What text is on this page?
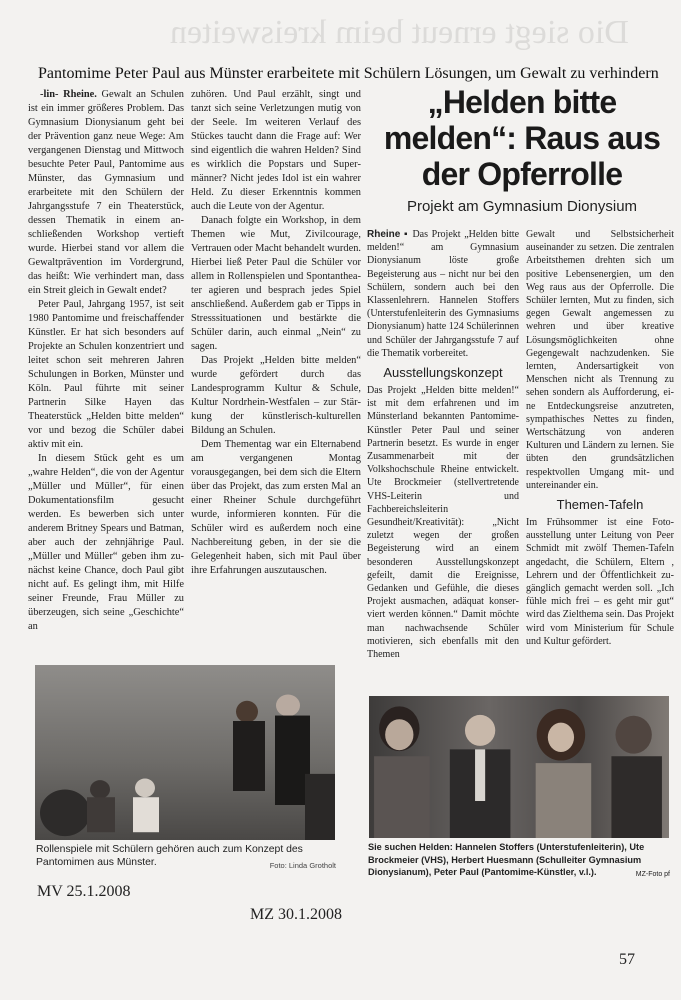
Dio siegt erneut beim kreisweiten
Pantomime Peter Paul aus Münster erarbeitete mit Schülern Lösungen, um Gewalt zu verhindern

-lin- Rheine. Gewalt an Schulen ist ein immer größeres Problem. Das Gymnasium Dionysianum geht bei der Prävention ganz neue Wege: Am vergangenen Dienstag und Mittwoch besuchte Peter Paul, Pantomime aus Münster, das Gymnasium und erarbeitete mit den Schülern der Jahrgangsstufe 7 ein Theaterstück, dessen Thematik in einem anschließenden Workshop vertieft wurde. Hierbei stand vor allem die Gewaltprävention im Vordergrund, das heißt: Wie verhindert man, dass ein Streit gleich in Gewalt endet?

Peter Paul, Jahrgang 1957, ist seit 1980 Pantomime und freischaffender Künstler. Er hat sich besonders auf Projekte an Schulen konzentriert und leitet schon seit mehreren Jahren Schulungen in Borken, Münster und Köln. Paul führte mit seiner Partnerin Silke Hayen das Theaterstück „Helden bitte melden“ vor und bezog die Schüler dabei aktiv mit ein.

In diesem Stück geht es um „wahre Helden“, die von der Agentur „Müller und Müller“, für einen Dokumentationsfilm gesucht werden. Es bewerben sich unter anderem Britney Spears und Batman, aber auch der zehnjährige Paul. „Müller und Müller“ geben ihm zunächst keine Chance, doch Paul gibt nicht auf. Es gelingt ihm, mit Hilfe seiner Freunde, Frau Müller zu überzeugen, sich seine „Geschichte“ an

zuhören. Und Paul erzählt, singt und tanzt sich seine Verletzungen mutig von der Seele. Im weiteren Verlauf des Stückes taucht dann die Frage auf: Wer sind eigentlich die wahren Helden? Sind es wirklich die Popstars und Supermänner? Nicht jedes Idol ist ein wahrer Held. Zu dieser Erkenntnis kommen auch die Leute von der Agentur.

Danach folgte ein Workshop, in dem Themen wie Mut, Zivilcourage, Vertrauen oder Macht behandelt wurden. Hierbei ließ Peter Paul die Schüler vor allem in Rollenspielen und Spontantheater agieren und besprach jedes Spiel anschließend. Außerdem gab er Tipps in Stresssituationen und bestärkte die Schüler darin, auch einmal „Nein“ zu sagen.

Das Projekt „Helden bitte melden“ wurde gefördert durch das Landesprogramm Kultur & Schule, Kultur Nordrhein-Westfalen – zur Stärkung der künstlerisch-kulturellen Bildung an Schulen.

Dem Thementag war ein Elternabend am vergangenen Montag vorausgegangen, bei dem sich die Eltern über das Projekt, das zum ersten Mal an einer Rheiner Schule durchgeführt wurde, informieren konnten. Für die Schüler wird es außerdem noch eine Nachbereitung geben, in der sie die Gelegenheit haben, sich mit Paul über ihre Erfahrungen auszutauschen.

Rollenspiele mit Schülern gehören auch zum Konzept des Pantomimen aus Münster.	Foto: Linda Grotholt
MV 25.1.2008
„Helden bitte melden“: Raus aus der Opferrolle
Projekt am Gymnasium Dionysium

Rheine ▪ Das Projekt „Helden bitte melden!“ am Gymnasium Dionysianum löste große Begeisterung aus – nicht nur bei den Schülern, sondern auch bei den Klassenlehrern. Hannelen Stoffers (Unterstufenleiterin des Gymnasiums Dionysianum) hatte 124 Schülerinnen und Schüler der Jahrgangsstufe 7 auf die Thematik vorbereitet.

Ausstellungskonzept

Das Projekt „Helden bitte melden!“ ist mit dem erfahrenen und im Münsterland bekannten Pantomime-Künstler Peter Paul und seiner Partnerin besetzt. Es wurde in enger Zusammenarbeit mit der Volkshochschule Rheine entwickelt. Ute Brockmeier (stellvertretende VHS-Leiterin und Fachbereichsleiterin Gesundheit/Kreativität): „Nicht zuletzt wegen der großen Begeisterung wird an einem besonderen Ausstellungskonzept gefeilt, damit die Ereignisse, Gedanken und Gefühle, die dieses Projekt ausmachen, adäquat konserviert werden können.“ Damit möchte man nachwachsende Schüler motivieren, sich ebenfalls mit den Themen

Gewalt und Selbstsicherheit auseinander zu setzen. Die zentralen Arbeitsthemen drehten sich um positive Lebensenergien, um den Weg raus aus der Opferrolle. Die Schüler lernten, Mut zu finden, sich gegen Gewalt angemessen zu wehren und über kreative Lösungsmöglichkeiten ohne Gegengewalt nachzudenken. Sie lernten, Andersartigkeit von Menschen nicht als Trennung zu sehen sondern als Aufforderung, eine Entdeckungsreise anzutreten, sympathisches Nettes zu finden, Wertschätzung von anderen Kulturen und Ländern zu lernen. Sie übten den grundsätzlichen respektvollen Umgang mit- und untereinander ein.

Themen-Tafeln

Im Frühsommer ist eine Fotoausstellung unter Leitung von Peer Schmidt mit zwölf Themen-Tafeln angedacht, die Schülern, Eltern , Lehrern und der Öffentlichkeit zugänglich gemacht werden soll. „Ich fühle mich frei – es geht mir gut“ wird das Zielthema sein. Das Projekt wird vom Ministerium für Schule und Kultur gefördert.

Sie suchen Helden: Hannelen Stoffers (Unterstufenleiterin), Ute Brockmeier (VHS), Herbert Huesmann (Schulleiter Gymnasium Dionysianum), Peter Paul (Pantomime-Künstler, v.l.).	MZ-Foto pf
MZ 30.1.2008
57
